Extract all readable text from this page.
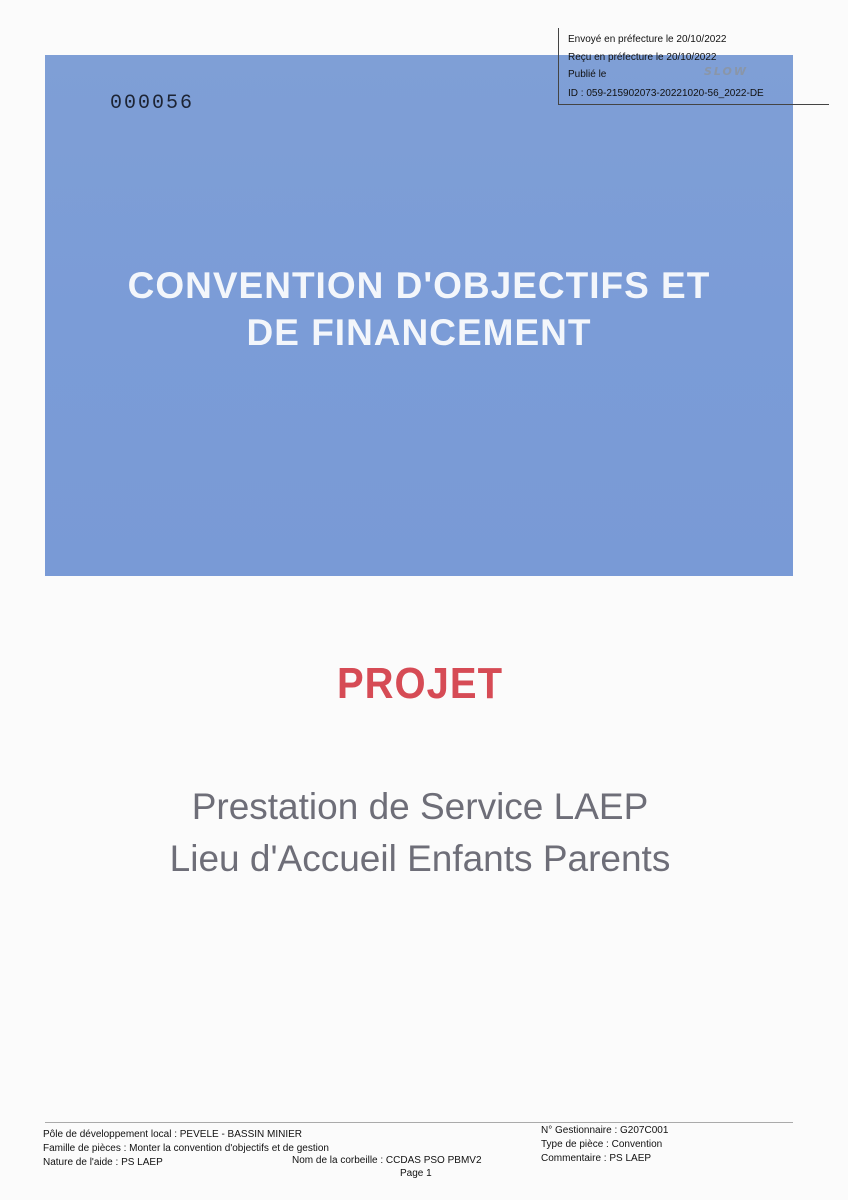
000056
Envoyé en préfecture le 20/10/2022
Reçu en préfecture le 20/10/2022
Publié le	SLOW
ID : 059-215902073-20221020-56_2022-DE
CONVENTION D'OBJECTIFS ET
DE FINANCEMENT
PROJET
Prestation de Service LAEP
Lieu d'Accueil Enfants Parents
Pôle de développement local : PEVELE - BASSIN MINIER
Famille de pièces : Monter la convention d'objectifs et de gestion
Nature de l'aide : PS LAEP	Nom de la corbeille : CCDAS PSO PBMV2
Page 1
N° Gestionnaire : G207C001
Type de pièce : Convention
Commentaire : PS LAEP
